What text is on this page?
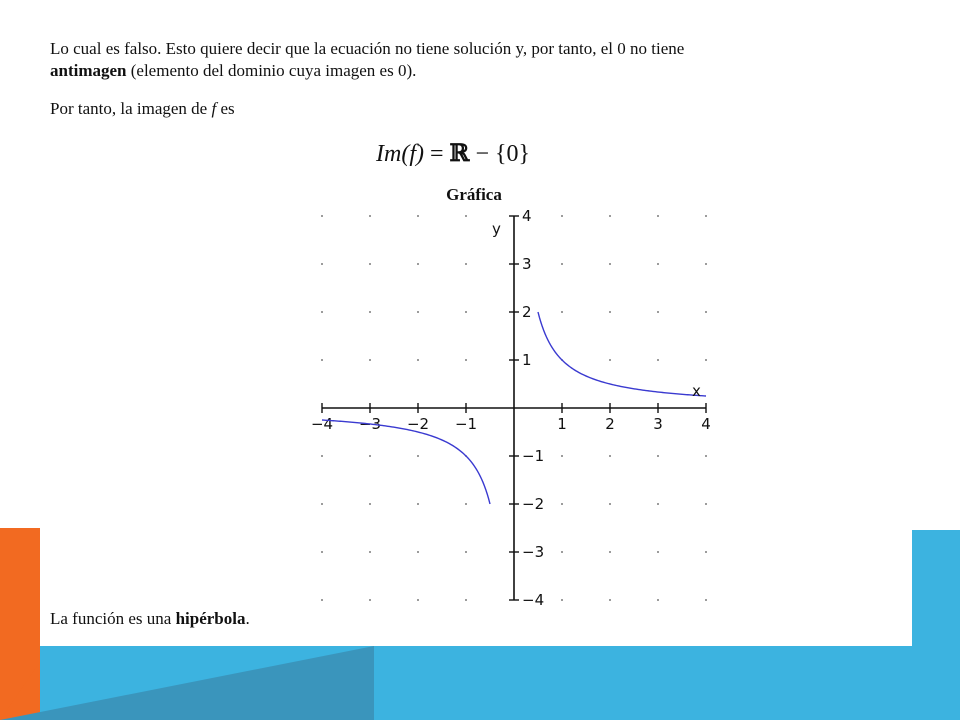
Lo cual es falso. Esto quiere decir que la ecuación no tiene solución y, por tanto, el 0 no tiene
antimagen (elemento del dominio cuya imagen es 0).
Por tanto, la imagen de f es
Im(f) = ℝ − {0}
Gráfica
−4 −3 −2 −1	1	2	3	4
−4
−3
−2
−1
1
2
3
4
x
y
La función es una hipérbola.
